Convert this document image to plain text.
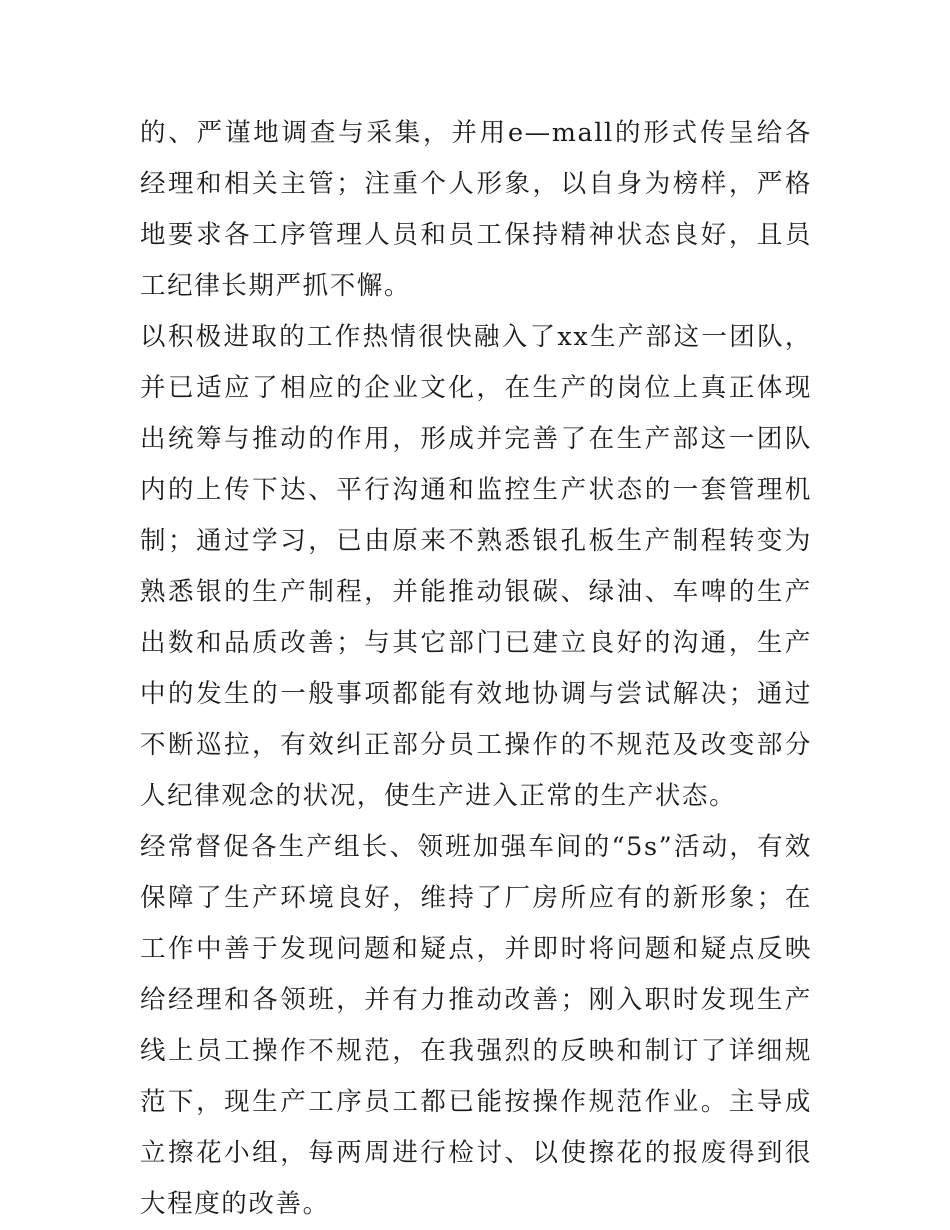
的、严谨地调查与采集，并用e—mall的形式传呈给各经理和相关主管；注重个人形象，以自身为榜样，严格地要求各工序管理人员和员工保持精神状态良好，且员工纪律长期严抓不懈。

以积极进取的工作热情很快融入了xx生产部这一团队，并已适应了相应的企业文化，在生产的岗位上真正体现出统筹与推动的作用，形成并完善了在生产部这一团队内的上传下达、平行沟通和监控生产状态的一套管理机制；通过学习，已由原来不熟悉银孔板生产制程转变为熟悉银的生产制程，并能推动银碳、绿油、车啤的生产出数和品质改善；与其它部门已建立良好的沟通，生产中的发生的一般事项都能有效地协调与尝试解决；通过不断巡拉，有效纠正部分员工操作的不规范及改变部分人纪律观念的状况，使生产进入正常的生产状态。

经常督促各生产组长、领班加强车间的“5s”活动，有效保障了生产环境良好，维持了厂房所应有的新形象；在工作中善于发现问题和疑点，并即时将问题和疑点反映给经理和各领班，并有力推动改善；刚入职时发现生产线上员工操作不规范，在我强烈的反映和制订了详细规范下，现生产工序员工都已能按操作规范作业。主导成立擦花小组，每两周进行检讨、以使擦花的报废得到很大程度的改善。
